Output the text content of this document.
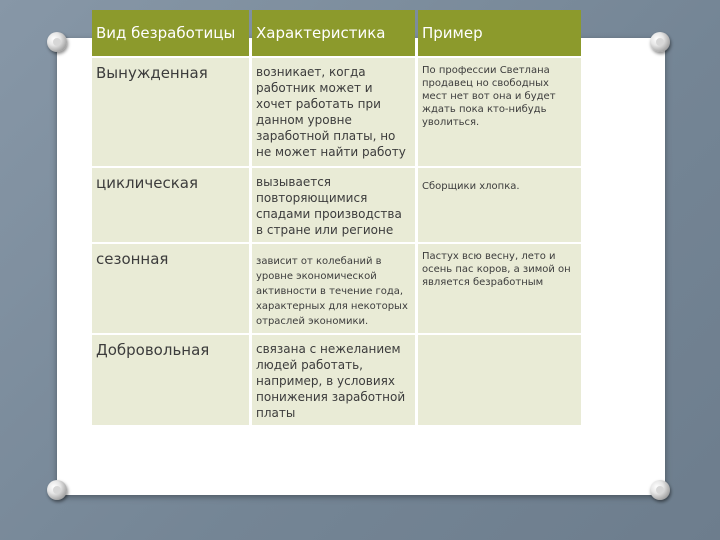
Вид безработицы	Характеристика	Пример
Вынужденная	возникает, когда работник может и хочет работать при данном уровне заработной платы, но не может найти работу	По профессии Светлана продавец но свободных мест нет вот она и будет ждать пока кто-нибудь уволиться.
циклическая	вызывается повторяющимися спадами производства в стране или регионе	Сборщики хлопка.
сезонная	зависит от колебаний в уровне экономической активности в течение года, характерных для некоторых отраслей экономики.	Пастух всю весну, лето и осень пас коров, а зимой он является безработным
Добровольная	связана с нежеланием людей работать, например, в условиях понижения заработной платы	
